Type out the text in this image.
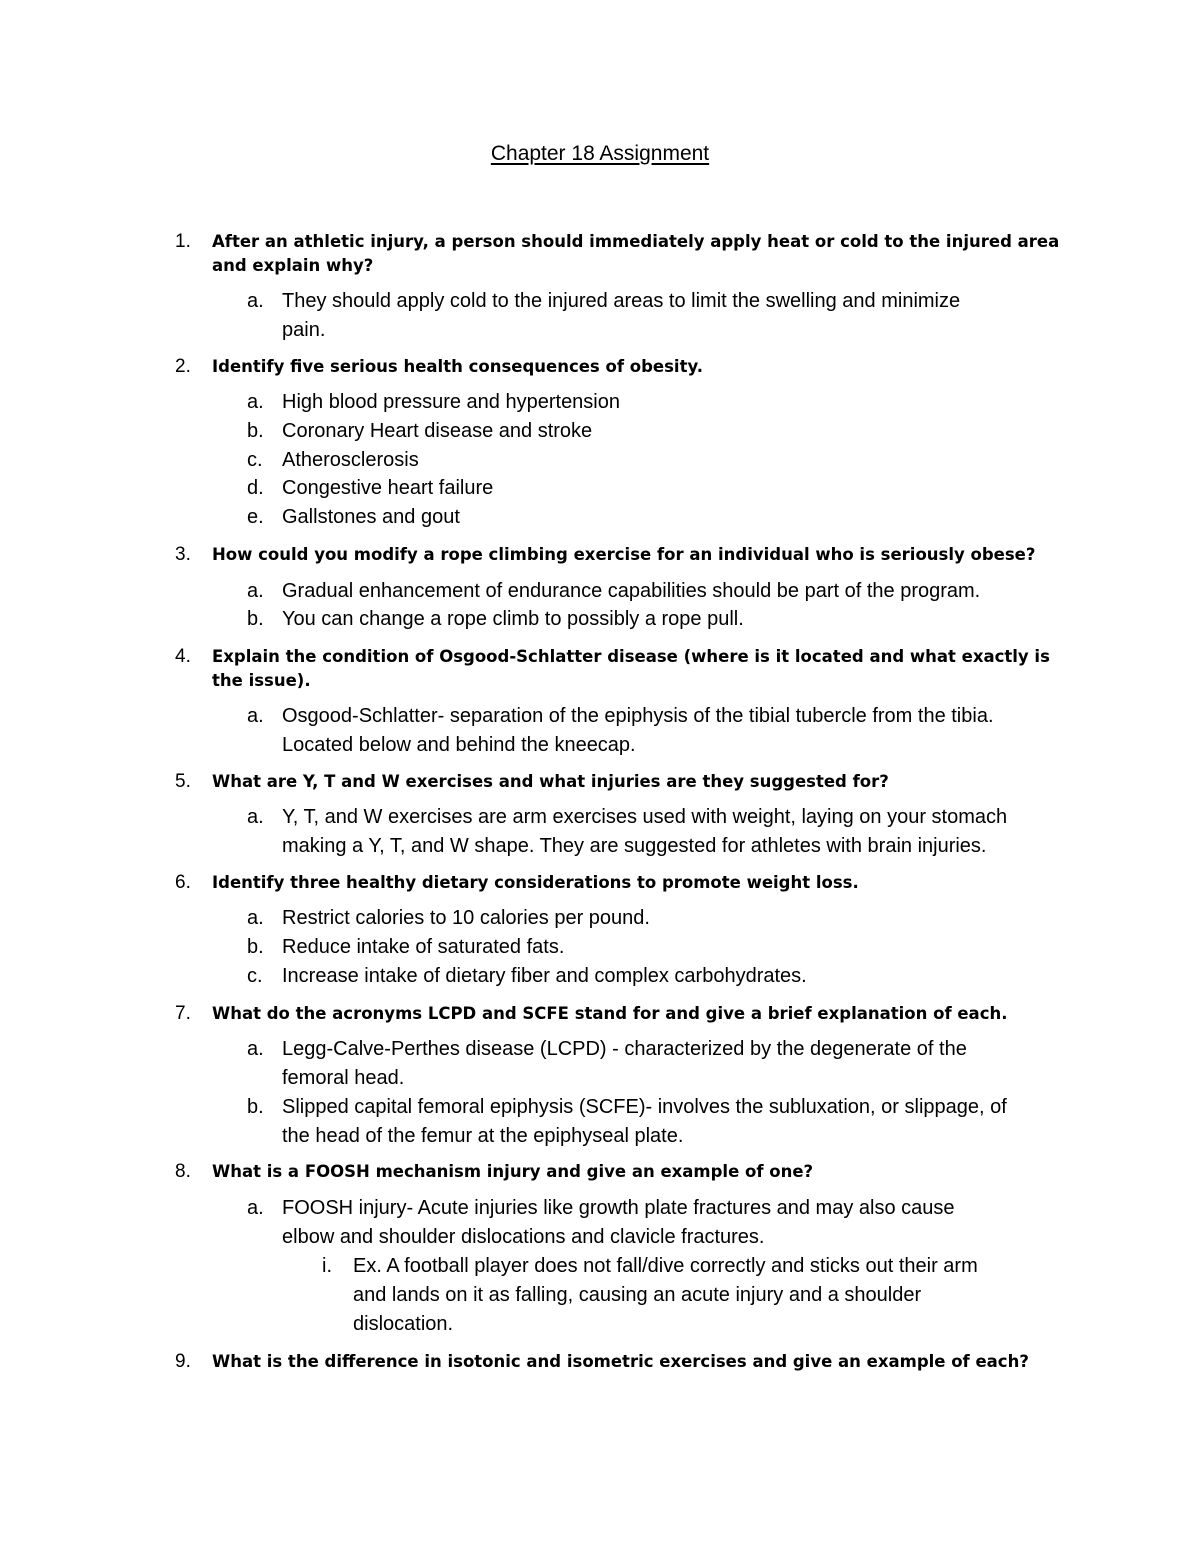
Chapter 18 Assignment
1. After an athletic injury, a person should immediately apply heat or cold to the injured area
and explain why?
a. They should apply cold to the injured areas to limit the swelling and minimize
pain.
2. Identify five serious health consequences of obesity.
a. High blood pressure and hypertension
b. Coronary Heart disease and stroke
c. Atherosclerosis
d. Congestive heart failure
e. Gallstones and gout
3. How could you modify a rope climbing exercise for an individual who is seriously obese?
a. Gradual enhancement of endurance capabilities should be part of the program.
b. You can change a rope climb to possibly a rope pull.
4. Explain the condition of Osgood-Schlatter disease (where is it located and what exactly is
the issue).
a. Osgood-Schlatter- separation of the epiphysis of the tibial tubercle from the tibia.
Located below and behind the kneecap.
5. What are Y, T and W exercises and what injuries are they suggested for?
a. Y, T, and W exercises are arm exercises used with weight, laying on your stomach
making a Y, T, and W shape. They are suggested for athletes with brain injuries.
6. Identify three healthy dietary considerations to promote weight loss.
a. Restrict calories to 10 calories per pound.
b. Reduce intake of saturated fats.
c. Increase intake of dietary fiber and complex carbohydrates.
7. What do the acronyms LCPD and SCFE stand for and give a brief explanation of each.
a. Legg-Calve-Perthes disease (LCPD) - characterized by the degenerate of the
femoral head.
b. Slipped capital femoral epiphysis (SCFE)- involves the subluxation, or slippage, of
the head of the femur at the epiphyseal plate.
8. What is a FOOSH mechanism injury and give an example of one?
a. FOOSH injury- Acute injuries like growth plate fractures and may also cause
elbow and shoulder dislocations and clavicle fractures.
i. Ex. A football player does not fall/dive correctly and sticks out their arm
and lands on it as falling, causing an acute injury and a shoulder
dislocation.
9. What is the difference in isotonic and isometric exercises and give an example of each?
